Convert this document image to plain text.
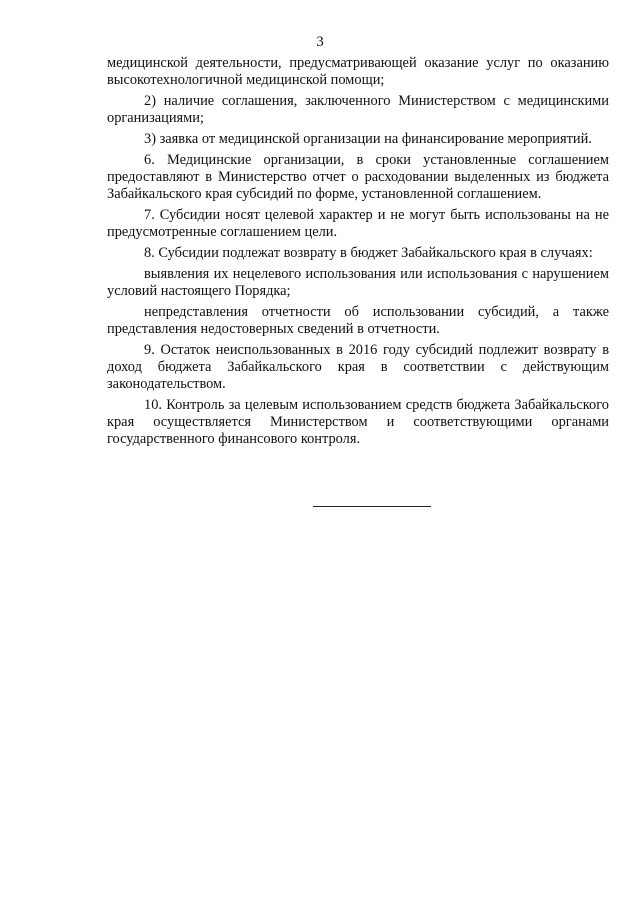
3

медицинской деятельности, предусматривающей оказание услуг по оказанию высокотехнологичной медицинской помощи;

2) наличие соглашения, заключенного Министерством с медицинскими организациями;

3) заявка от медицинской организации на финансирование мероприятий.

6. Медицинские организации, в сроки установленные соглашением предоставляют в Министерство отчет о расходовании выделенных из бюджета Забайкальского края субсидий по форме, установленной соглашением.

7. Субсидии носят целевой характер и не могут быть использованы на не предусмотренные соглашением цели.

8. Субсидии подлежат возврату в бюджет Забайкальского края в случаях:

выявления их нецелевого использования или использования с нарушением условий настоящего Порядка;

непредставления отчетности об использовании субсидий, а также представления недостоверных сведений в отчетности.

9. Остаток неиспользованных в 2016 году субсидий подлежит возврату в доход бюджета Забайкальского края в соответствии с действующим законодательством.

10. Контроль за целевым использованием средств бюджета Забайкальского края осуществляется Министерством и соответствующими органами государственного финансового контроля.
